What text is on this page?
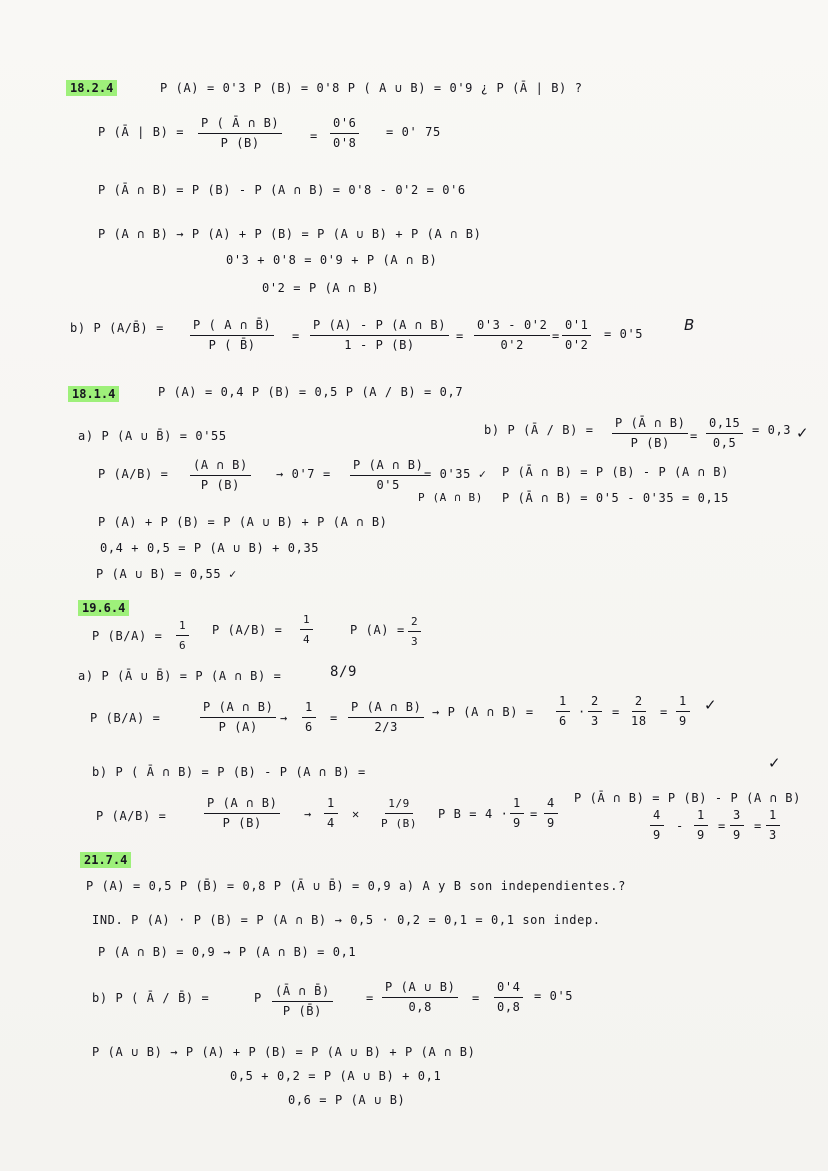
18.2.4	P (A) = 0'3 P (B) = 0'8 P ( A ∪ B) = 0'9 ¿ P (Ā | B) ?
P (Ā | $B) = \frac{P ( Ā \cap B)}{P (B)} = \frac{0'6}{0'8} = 0'$ 75
P (Ā ∩ B) = P (B) - P (A ∩ B) = 0'8 - 0'2 = 0'6
P (A ∩ B) → P (A) + P (B) = P (A ∪ B) + P (A ∩ B)
0'3 + 0'8 = 0'9 + P (A ∩ B)
0'2 = P (A ∩ B)
b) P (A/B̄) = $\frac{P ( A \cap B̄)}{P ( B̄)} = \frac{P (A) - P (A \cap B)}{1 - P (B)} = \frac{0'3 - 0'2}{0'2} = \frac{0'1}{0'2} = 0'5$	B
18.1.4	P (A) = 0,4 P (B) = 0,5 P (A / B) = 0,7
a) P (A ∪ B̄) = 0'55	b) P (Ā / $B) = \frac{P (Ā \cap B)}{P (B)} = \frac{0,15}{0,5} = 0,3$ ✓
P $(A/B) = \frac{(A \cap B)}{P (B)} \to 0'7 = \frac{P (A \cap B)}{0'5}$
= 0'35 ✓
P (A ∩ B)
P (Ā ∩ B) = P (B) - P (A ∩ B)
P (Ā ∩ B) = 0'5 - 0'35 = 0,15
P (A) + P (B) = P (A ∪ B) + P (A ∩ B)
0,4 + 0,5 = P (A ∪ B) + 0,35
P (A ∪ B) = 0,55 ✓
19.6.4
P $(B/A) = \frac{1}{6}$ P $(A/B) = \frac{1}{4}$	P $(A) = \frac{2}{3}$
a) P (Ā ∪ B̄) = P (A ∩ B) =	8/9
P (B/A) =	$\frac{P (A \cap B)}{P (A)} \to \frac{1}{6} = \frac{P (A \cap B)}{2/3} \to P$ (A ∩ $B) = \frac{1}{6} \cdot \frac{2}{3} = \frac{2}{18} = \frac{1}{9}$ ✓
b) P ( Ā ∩ B) = P (B) - P (A ∩ B) =	✓
P (A/B) =	$\frac{P (A \cap B)}{P (B)} \to \frac{1}{4}$ ✕ $\frac{1/9}{P (B)}$ P $B = 4 \cdot \frac{1}{9} = \frac{4}{9}$ P (Ā ∩ B) = P (B) - P (A ∩ B)
$\frac{4}{9} - \frac{1}{9} = \frac{3}{9} = \frac{1}{3}$
21.7.4
P (A) = 0,5 P (B̄) = 0,8 P (Ā ∪ B̄) = 0,9 a) A y B son independientes.?
IND. P (A) · P (B) = P (A ∩ B) → 0,5 · 0,2 = 0,1 = 0,1 son indep.
P (A ∩ B) = 0,9 → P (A ∩ B) = 0,1
b) P ( Ā / B̄) =	P $\frac{(Ā \cap B̄)}{P (B̄)}$	= $\frac{P (A \cup B)}{0,8} = \frac{0'4}{0,8} = 0'5$
P (A ∪ B) → P (A) + P (B) = P (A ∪ B) + P (A ∩ B)
0,5 + 0,2 = P (A ∪ B) + 0,1
0,6 = P (A ∪ B)
